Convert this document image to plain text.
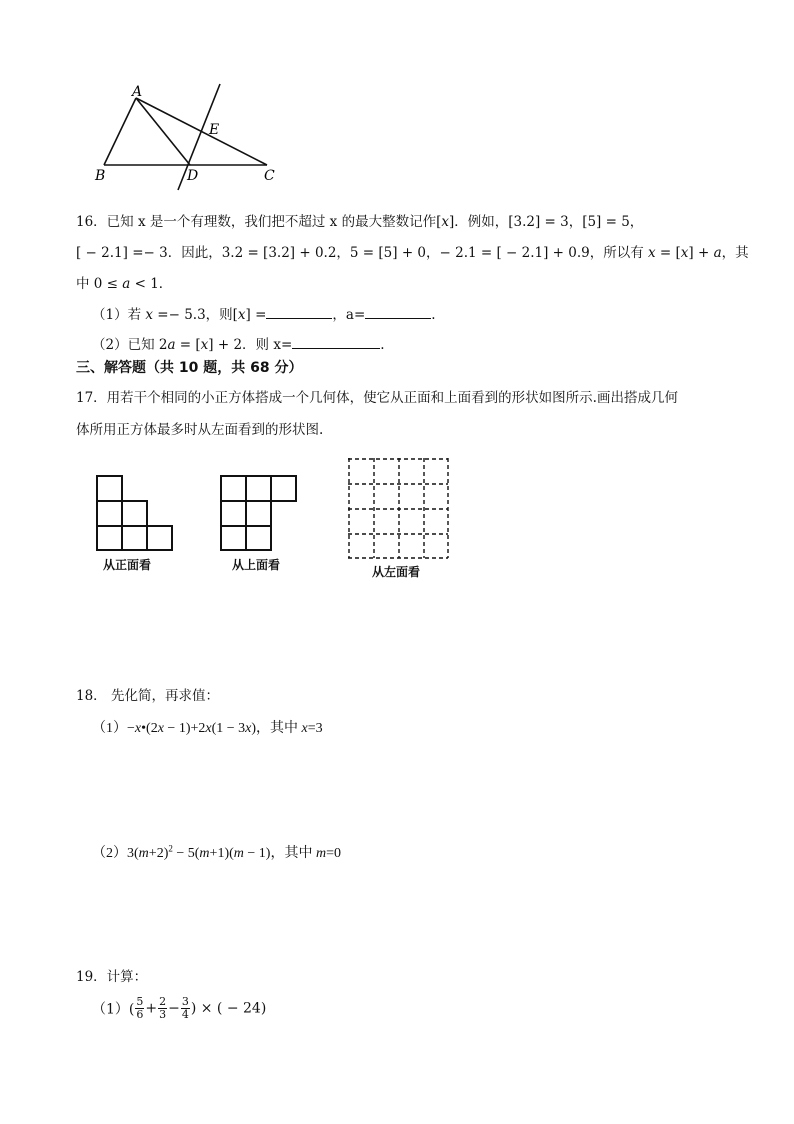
A
E
B	D	C
16．已知 x 是一个有理数，我们把不超过 x 的最大整数记作[𝑥]．例如，[3.2] = 3，[5] = 5，
[ − 2.1] =− 3．因此，3.2 = [3.2] + 0.2，5 = [5] + 0，− 2.1 = [ − 2.1] + 0.9，所以有 𝑥 = [𝑥] + 𝑎，其
中 0 ≤ 𝑎 < 1．
（1）若 𝑥 =− 5.3，则[𝑥] =	，a=	.
（2）已知 2𝑎 = [𝑥] + 2．则 x=	.
三、解答题（共 10 题，共 68 分）
17．用若干个相同的小正方体搭成一个几何体，使它从正面和上面看到的形状如图所示.画出搭成几何
体所用正方体最多时从左面看到的形状图.
从正面看	从上面看	从左面看
18． 先化简，再求值：
（1）−x•(2x − 1)+2x(1 − 3x)，其中 x=3
$(2)3(m+2)^2 - 5(m+1)(m - 1)$，其中 m=0
19．计算：
$(1)( \frac{5}{6} + \frac{2}{3} - \frac{3}{4}$ ) × ( − 24)
